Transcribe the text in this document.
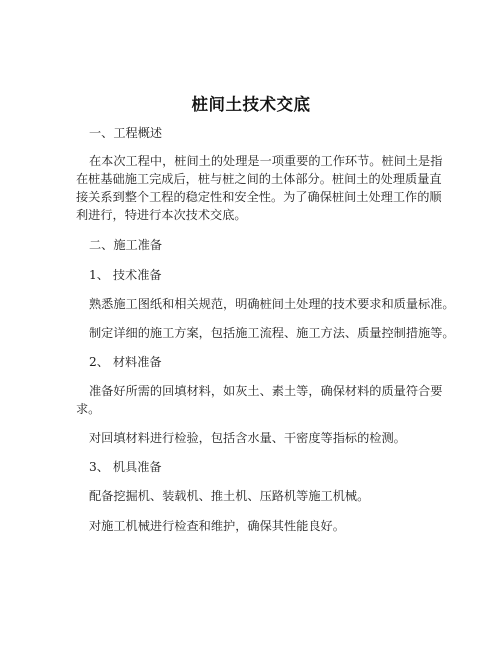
桩间土技术交底
一、工程概述
在本次工程中，桩间土的处理是一项重要的工作环节。桩间土是指
在桩基础施工完成后，桩与桩之间的土体部分。桩间土的处理质量直
接关系到整个工程的稳定性和安全性。为了确保桩间土处理工作的顺
利进行，特进行本次技术交底。
二、施工准备
1、 技术准备
熟悉施工图纸和相关规范，明确桩间土处理的技术要求和质量标准。
制定详细的施工方案，包括施工流程、施工方法、质量控制措施等。
2、 材料准备
准备好所需的回填材料，如灰土、素土等，确保材料的质量符合要
求。
对回填材料进行检验，包括含水量、干密度等指标的检测。
3、 机具准备
配备挖掘机、装载机、推土机、压路机等施工机械。
对施工机械进行检查和维护，确保其性能良好。
